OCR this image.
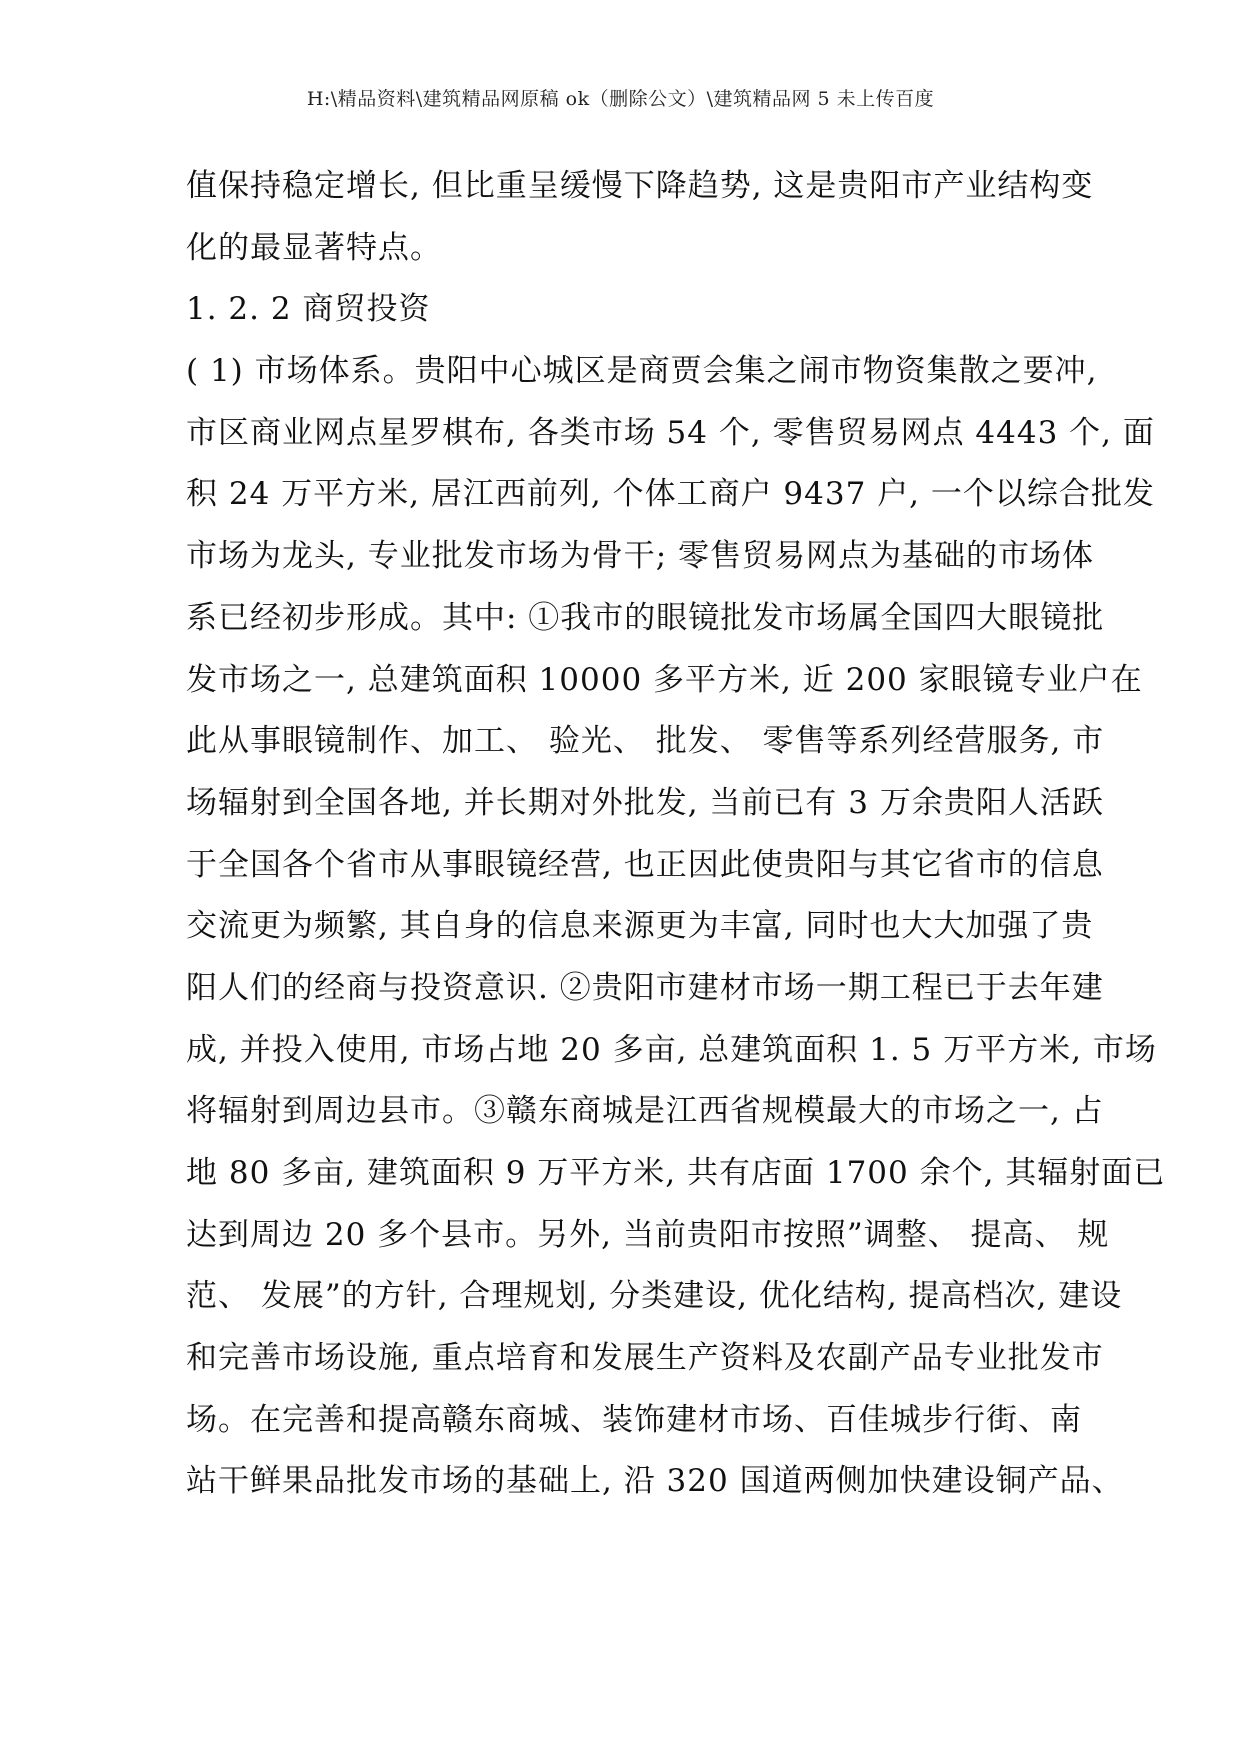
H:\精品资料\建筑精品网原稿 ok（删除公文）\建筑精品网 5 未上传百度
值保持稳定增长, 但比重呈缓慢下降趋势, 这是贵阳市产业结构变
化的最显著特点。
1. 2. 2 商贸投资
( 1) 市场体系。贵阳中心城区是商贾会集之闹市物资集散之要冲,
市区商业网点星罗棋布, 各类市场 54 个, 零售贸易网点 4443 个, 面
积 24 万平方米, 居江西前列, 个体工商户 9437 户, 一个以综合批发
市场为龙头, 专业批发市场为骨干; 零售贸易网点为基础的市场体
系已经初步形成。其中: ①我市的眼镜批发市场属全国四大眼镜批
发市场之一, 总建筑面积 10000 多平方米, 近 200 家眼镜专业户在
此从事眼镜制作、加工、 验光、 批发、 零售等系列经营服务, 市
场辐射到全国各地, 并长期对外批发, 当前已有 3 万余贵阳人活跃
于全国各个省市从事眼镜经营, 也正因此使贵阳与其它省市的信息
交流更为频繁, 其自身的信息来源更为丰富, 同时也大大加强了贵
阳人们的经商与投资意识. ②贵阳市建材市场一期工程已于去年建
成, 并投入使用, 市场占地 20 多亩, 总建筑面积 1. 5 万平方米, 市场
将辐射到周边县市。③赣东商城是江西省规模最大的市场之一, 占
地 80 多亩, 建筑面积 9 万平方米, 共有店面 1700 余个, 其辐射面已
达到周边 20 多个县市。另外, 当前贵阳市按照”调整、 提高、 规
范、 发展”的方针, 合理规划, 分类建设, 优化结构, 提高档次, 建设
和完善市场设施, 重点培育和发展生产资料及农副产品专业批发市
场。在完善和提高赣东商城、装饰建材市场、百佳城步行街、南
站干鲜果品批发市场的基础上, 沿 320 国道两侧加快建设铜产品、
